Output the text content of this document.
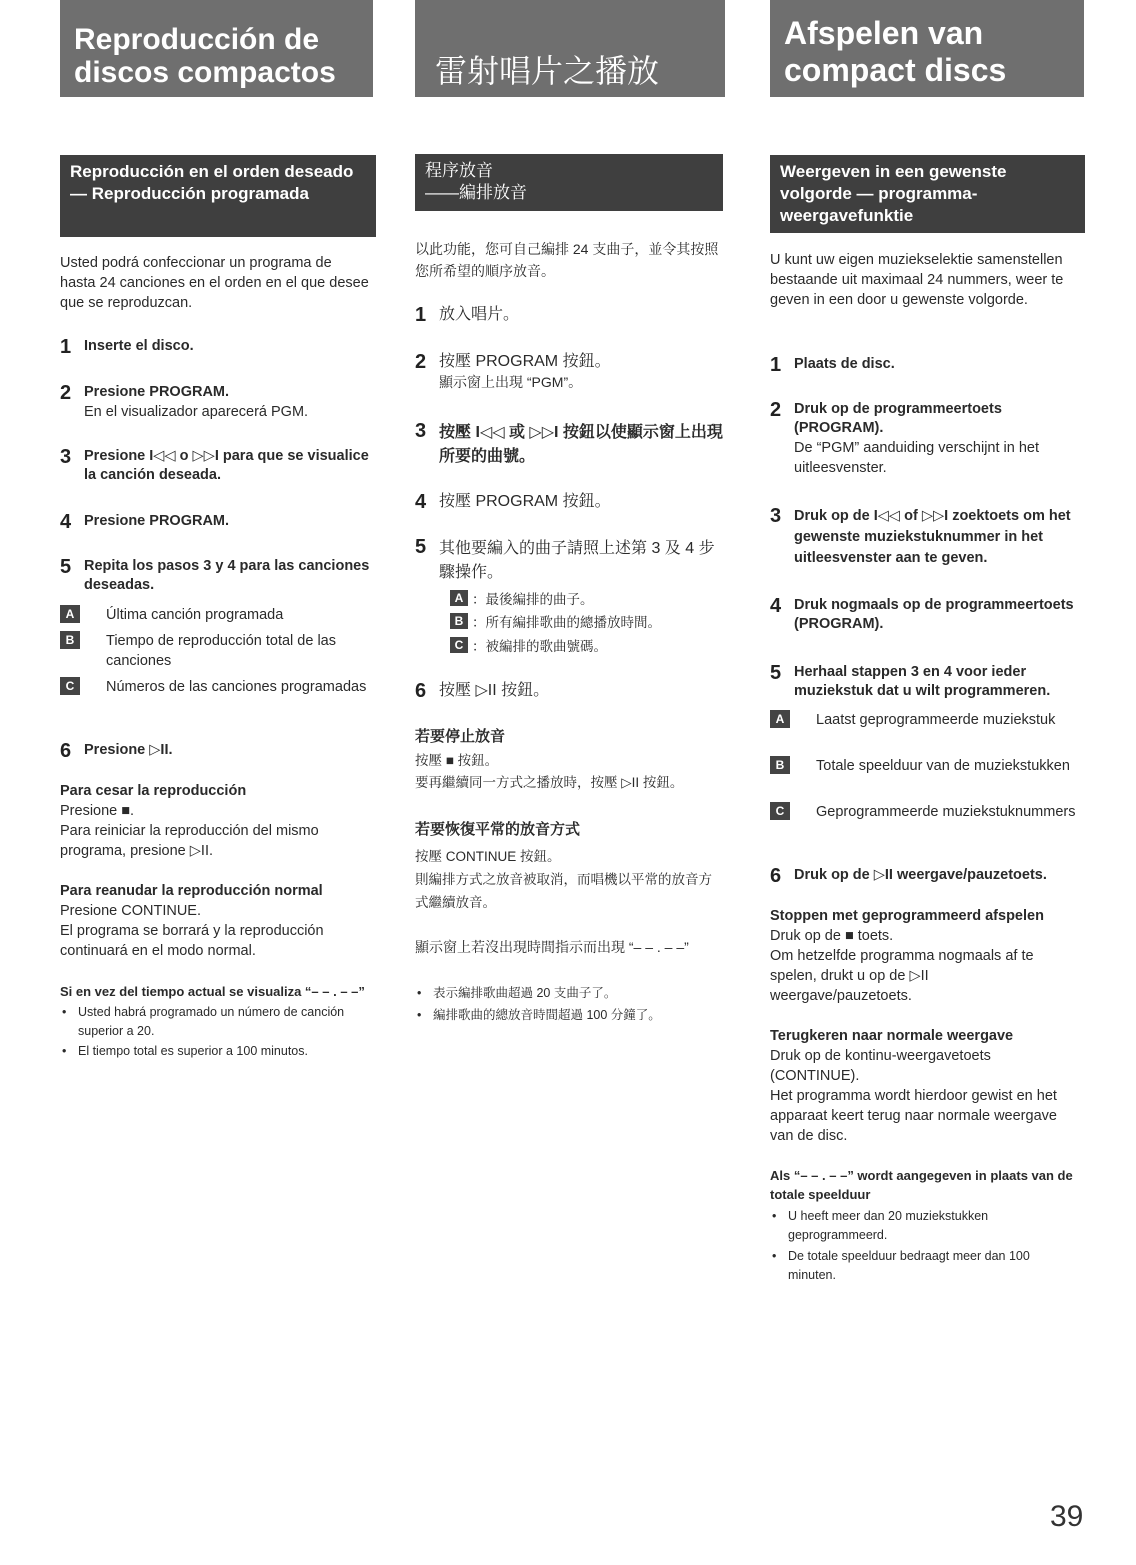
Reproducción de discos compactos
Reproducción en el orden deseado — Reproducción programada
Usted podrá confeccionar un programa de hasta 24 canciones en el orden en el que desee que se reproduzcan.
1 Inserte el disco.
2 Presione PROGRAM.
En el visualizador aparecerá PGM.
3 Presione I◁◁ o ▷▷I para que se visualice la canción deseada.
4 Presione PROGRAM.
5 Repita los pasos 3 y 4 para las canciones deseadas.
A	Última canción programada
B	Tiempo de reproducción total de las canciones
C	Números de las canciones programadas
6 Presione ▷II.
Para cesar la reproducción
Presione ■.
Para reiniciar la reproducción del mismo programa, presione ▷II.
Para reanudar la reproducción normal
Presione CONTINUE.
El programa se borrará y la reproducción continuará en el modo normal.
Si en vez del tiempo actual se visualiza “– – . – –”
• Usted habrá programado un número de canción superior a 20.
• El tiempo total es superior a 100 minutos.
雷射唱片之播放
程序放音
——編排放音
以此功能，您可自己編排 24 支曲子，並令其按照您所希望的順序放音。
1 放入唱片。
2 按壓 PROGRAM 按鈕。
顯示窗上出現 “PGM”。
3 按壓 I◁◁ 或 ▷▷I 按鈕以使顯示窗上出現所要的曲號。
4 按壓 PROGRAM 按鈕。
5 其他要編入的曲子請照上述第 3 及 4 步驟操作。
A ：最後編排的曲子。
B ：所有編排歌曲的總播放時間。
C ：被編排的歌曲號碼。
6 按壓 ▷II 按鈕。
若要停止放音
按壓 ■ 按鈕。
要再繼續同一方式之播放時，按壓 ▷II 按鈕。
若要恢復平常的放音方式
按壓 CONTINUE 按鈕。
則編排方式之放音被取消，而唱機以平常的放音方式繼續放音。
顯示窗上若沒出現時間指示而出現 “– – . – –”
• 表示編排歌曲超過 20 支曲子了。
• 編排歌曲的總放音時間超過 100 分鐘了。
Afspelen van compact discs
Weergeven in een gewenste volgorde — programma-weergavefunktie
U kunt uw eigen muziekselektie samenstellen bestaande uit maximaal 24 nummers, weer te geven in een door u gewenste volgorde.
1 Plaats de disc.
2 Druk op de programmeertoets (PROGRAM).
De “PGM” aanduiding verschijnt in het uitleesvenster.
3 Druk op de I◁◁ of ▷▷I zoektoets om het gewenste muziekstuknummer in het uitleesvenster aan te geven.
4 Druk nogmaals op de programmeertoets (PROGRAM).
5 Herhaal stappen 3 en 4 voor ieder muziekstuk dat u wilt programmeren.
A	Laatst geprogrammeerde muziekstuk
B	Totale speelduur van de muziekstukken
C	Geprogrammeerde muziekstuknummers
6 Druk op de ▷II weergave/pauzetoets.
Stoppen met geprogrammeerd afspelen
Druk op de ■ toets.
Om hetzelfde programma nogmaals af te spelen, drukt u op de ▷II weergave/pauzetoets.
Terugkeren naar normale weergave
Druk op de kontinu-weergavetoets (CONTINUE).
Het programma wordt hierdoor gewist en het apparaat keert terug naar normale weergave van de disc.
Als “– – . – –” wordt aangegeven in plaats van de totale speelduur
• U heeft meer dan 20 muziekstukken geprogrammeerd.
• De totale speelduur bedraagt meer dan 100 minuten.
39
